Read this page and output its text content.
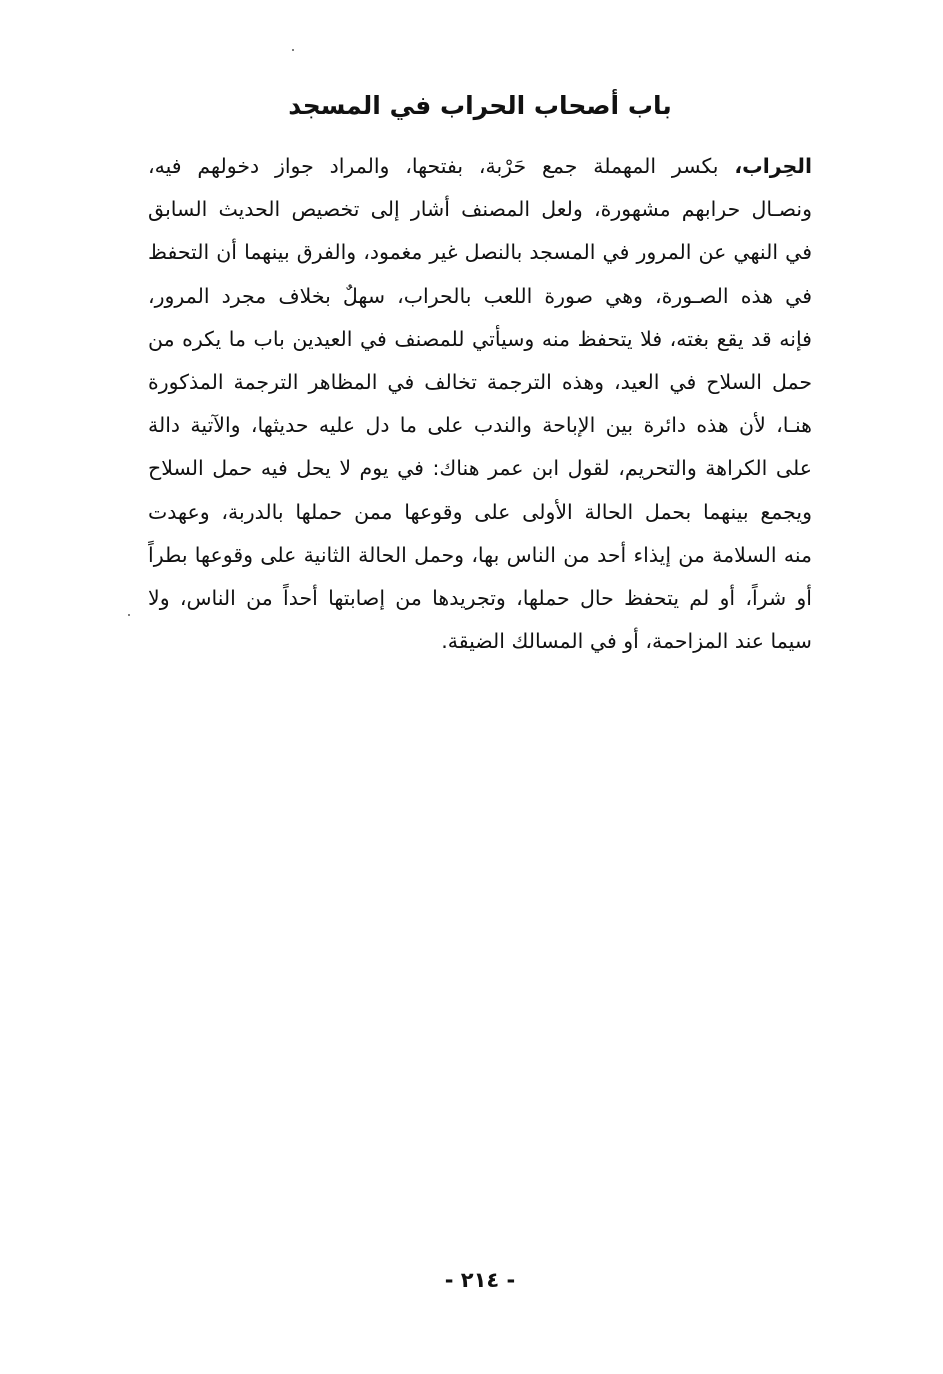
باب أصحاب الحراب في المسجد
الحِراب، بكسر المهملة جمع حَرْبة، بفتحها، والمراد جواز دخولهم فيه،
ونصـال حرابهم مشهورة، ولعل المصنف أشار إلى تخصيص الحديث السابق
في النهي عن المرور في المسجد بالنصل غير مغمود، والفرق بينهما أن التحفظ
في هذه الصـورة، وهي صورة اللعب بالحراب، سهلٌ بخلاف مجرد المرور،
فإنه قد يقع بغته، فلا يتحفظ منه وسيأتي للمصنف في العيدين باب ما يكره من
حمل السلاح في العيد، وهذه الترجمة تخالف في المظاهر الترجمة المذكورة
هنـا، لأن هذه دائرة بين الإباحة والندب على ما دل عليه حديثها، والآتية دالة
على الكراهة والتحريم، لقول ابن عمر هناك: في يوم لا يحل فيه حمل السلاح
ويجمع بينهما بحمل الحالة الأولى على وقوعها ممن حملها بالدربة، وعهدت
منه السلامة من إيذاء أحد من الناس بها، وحمل الحالة الثانية على وقوعها بطراً
أو شراً، أو لم يتحفظ حال حملها، وتجريدها من إصابتها أحداً من الناس، ولا
سيما عند المزاحمة، أو في المسالك الضيقة.
- ٢١٤ -
